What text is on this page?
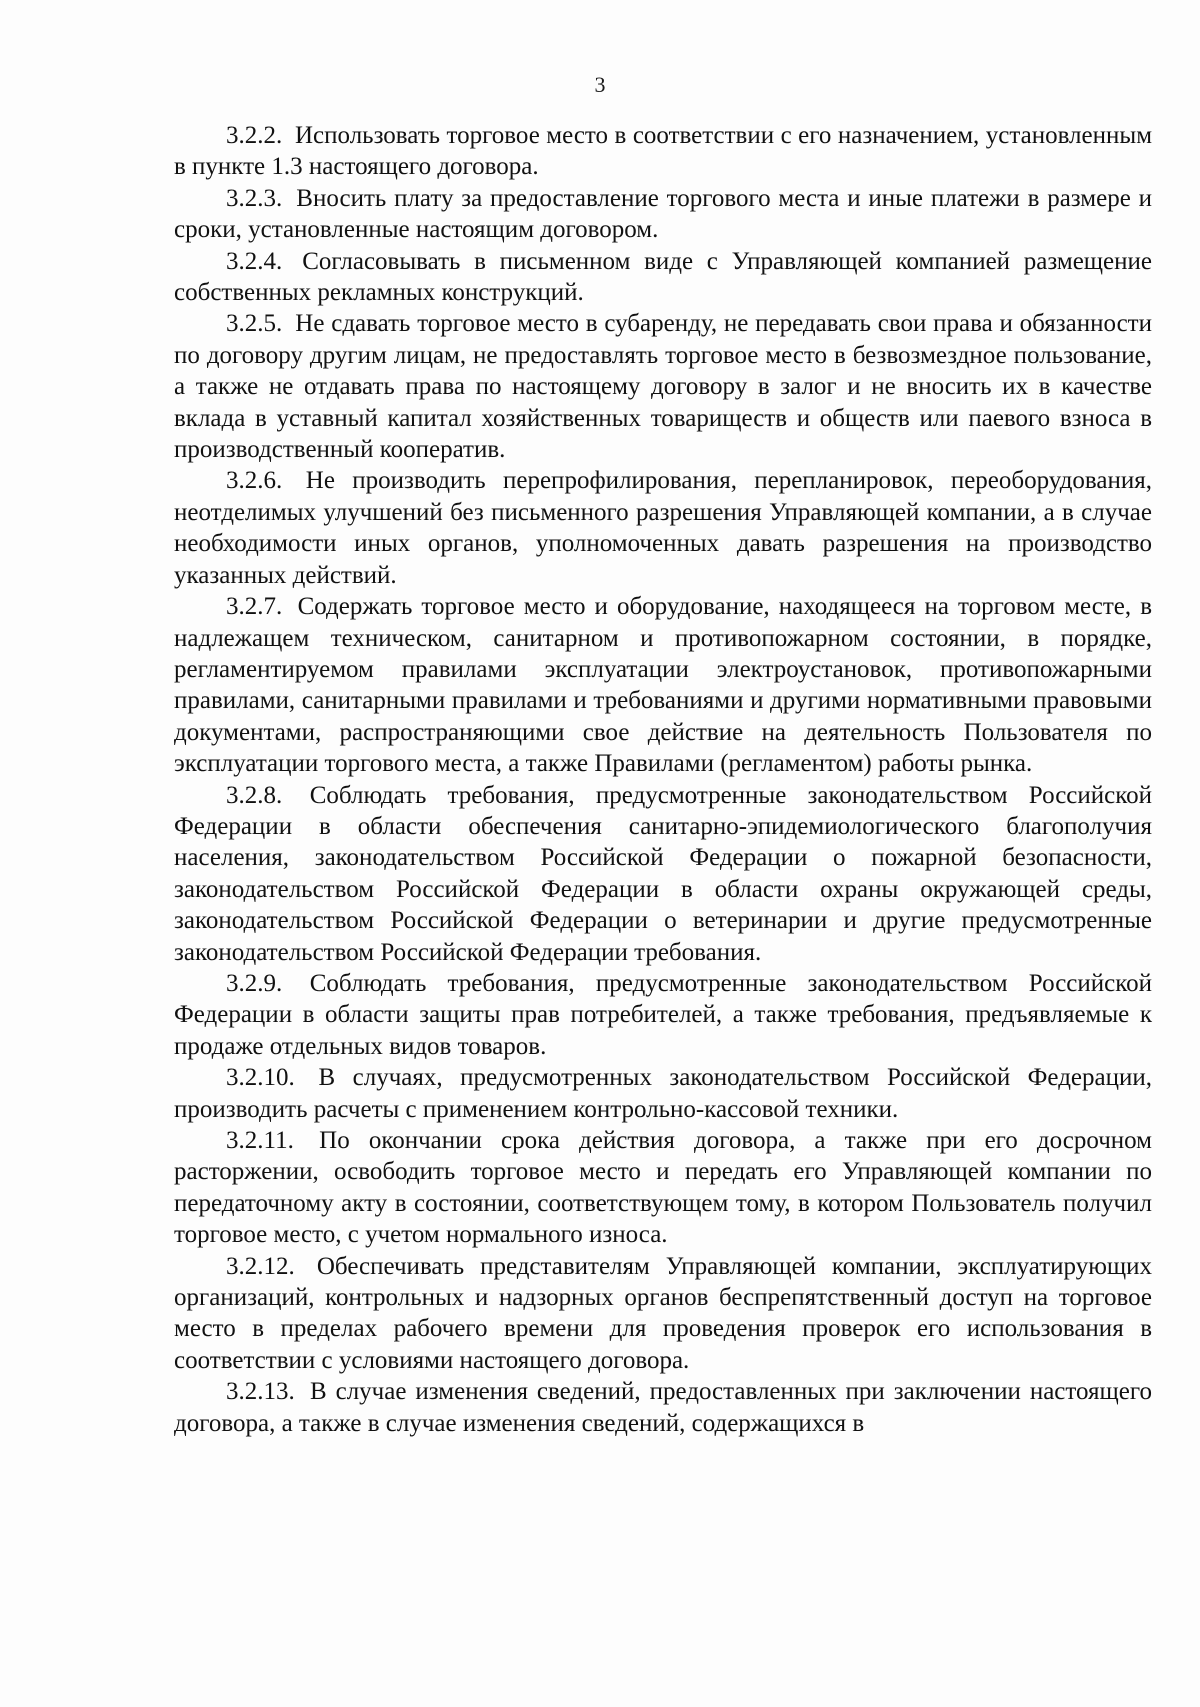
3

3.2.2. Использовать торговое место в соответствии с его назначением, установленным в пункте 1.3 настоящего договора.

3.2.3. Вносить плату за предоставление торгового места и иные платежи в размере и сроки, установленные настоящим договором.

3.2.4. Согласовывать в письменном виде с Управляющей компанией размещение собственных рекламных конструкций.

3.2.5. Не сдавать торговое место в субаренду, не передавать свои права и обязанности по договору другим лицам, не предоставлять торговое место в безвозмездное пользование, а также не отдавать права по настоящему договору в залог и не вносить их в качестве вклада в уставный капитал хозяйственных товариществ и обществ или паевого взноса в производственный кооператив.

3.2.6. Не производить перепрофилирования, перепланировок, переоборудования, неотделимых улучшений без письменного разрешения Управляющей компании, а в случае необходимости иных органов, уполномоченных давать разрешения на производство указанных действий.

3.2.7. Содержать торговое место и оборудование, находящееся на торговом месте, в надлежащем техническом, санитарном и противопожарном состоянии, в порядке, регламентируемом правилами эксплуатации электроустановок, противопожарными правилами, санитарными правилами и требованиями и другими нормативными правовыми документами, распространяющими свое действие на деятельность Пользователя по эксплуатации торгового места, а также Правилами (регламентом) работы рынка.

3.2.8. Соблюдать требования, предусмотренные законодательством Российской Федерации в области обеспечения санитарно-эпидемиологического благополучия населения, законодательством Российской Федерации о пожарной безопасности, законодательством Российской Федерации в области охраны окружающей среды, законодательством Российской Федерации о ветеринарии и другие предусмотренные законодательством Российской Федерации требования.

3.2.9. Соблюдать требования, предусмотренные законодательством Российской Федерации в области защиты прав потребителей, а также требования, предъявляемые к продаже отдельных видов товаров.

3.2.10. В случаях, предусмотренных законодательством Российской Федерации, производить расчеты с применением контрольно-кассовой техники.

3.2.11. По окончании срока действия договора, а также при его досрочном расторжении, освободить торговое место и передать его Управляющей компании по передаточному акту в состоянии, соответствующем тому, в котором Пользователь получил торговое место, с учетом нормального износа.

3.2.12. Обеспечивать представителям Управляющей компании, эксплуатирующих организаций, контрольных и надзорных органов беспрепятственный доступ на торговое место в пределах рабочего времени для проведения проверок его использования в соответствии с условиями настоящего договора.

3.2.13. В случае изменения сведений, предоставленных при заключении настоящего договора, а также в случае изменения сведений, содержащихся в
